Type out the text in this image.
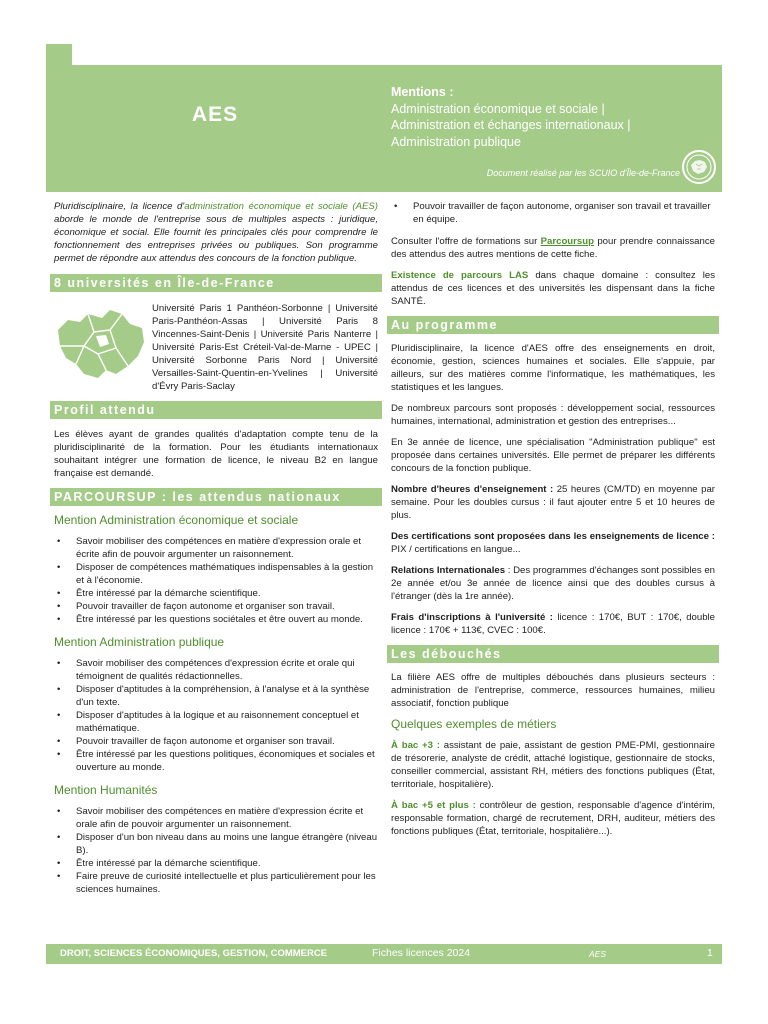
AES
Mentions :
Administration économique et sociale |
Administration et échanges internationaux |
Administration publique
Document réalisé par les SCUIO d'Île-de-France

Pluridisciplinaire, la licence d'administration économique et sociale (AES) aborde le monde de l'entreprise sous de multiples aspects : juridique, économique et social. Elle fournit les principales clés pour comprendre le fonctionnement des entreprises privées ou publiques. Son programme permet de répondre aux attendus des concours de la fonction publique.

8 universités en Île-de-France

Université Paris 1 Panthéon-Sorbonne | Université Paris-Panthéon-Assas | Université Paris 8 Vincennes-Saint-Denis | Université Paris Nanterre | Université Paris-Est Créteil-Val-de-Marne - UPEC | Université Sorbonne Paris Nord | Université Versailles-Saint-Quentin-en-Yvelines | Université d'Évry Paris-Saclay

Profil attendu

Les élèves ayant de grandes qualités d'adaptation compte tenu de la pluridisciplinarité de la formation. Pour les étudiants internationaux souhaitant intégrer une formation de licence, le niveau B2 en langue française est demandé.

PARCOURSUP : les attendus nationaux
Mention Administration économique et sociale
• Savoir mobiliser des compétences en matière d'expression orale et écrite afin de pouvoir argumenter un raisonnement.
• Disposer de compétences mathématiques indispensables à la gestion et à l'économie.
• Être intéressé par la démarche scientifique.
• Pouvoir travailler de façon autonome et organiser son travail.
• Être intéressé par les questions sociétales et être ouvert au monde.
Mention Administration publique
• Savoir mobiliser des compétences d'expression écrite et orale qui témoignent de qualités rédactionnelles.
• Disposer d'aptitudes à la compréhension, à l'analyse et à la synthèse d'un texte.
• Disposer d'aptitudes à la logique et au raisonnement conceptuel et mathématique.
• Pouvoir travailler de façon autonome et organiser son travail.
• Être intéressé par les questions politiques, économiques et sociales et ouverture au monde.
Mention Humanités
• Savoir mobiliser des compétences en matière d'expression écrite et orale afin de pouvoir argumenter un raisonnement.
• Disposer d'un bon niveau dans au moins une langue étrangère (niveau B).
• Être intéressé par la démarche scientifique.
• Faire preuve de curiosité intellectuelle et plus particulièrement pour les sciences humaines.
• Pouvoir travailler de façon autonome, organiser son travail et travailler en équipe.

Consulter l'offre de formations sur Parcoursup pour prendre connaissance des attendus des autres mentions de cette fiche.

Existence de parcours LAS dans chaque domaine : consultez les attendus de ces licences et des universités les dispensant dans la fiche SANTÉ.

Au programme

Pluridisciplinaire, la licence d'AES offre des enseignements en droit, économie, gestion, sciences humaines et sociales. Elle s'appuie, par ailleurs, sur des matières comme l'informatique, les mathématiques, les statistiques et les langues.

De nombreux parcours sont proposés : développement social, ressources humaines, international, administration et gestion des entreprises...

En 3e année de licence, une spécialisation "Administration publique" est proposée dans certaines universités. Elle permet de préparer les différents concours de la fonction publique.

Nombre d'heures d'enseignement : 25 heures (CM/TD) en moyenne par semaine. Pour les doubles cursus : il faut ajouter entre 5 et 10 heures de plus.

Des certifications sont proposées dans les enseignements de licence : PIX / certifications en langue...

Relations Internationales : Des programmes d'échanges sont possibles en 2e année et/ou 3e année de licence ainsi que des doubles cursus à l'étranger (dès la 1re année).

Frais d'inscriptions à l'université : licence : 170€, BUT : 170€, double licence : 170€ + 113€, CVEC : 100€.

Les débouchés

La filière AES offre de multiples débouchés dans plusieurs secteurs : administration de l'entreprise, commerce, ressources humaines, milieu associatif, fonction publique

Quelques exemples de métiers

À bac +3 : assistant de paie, assistant de gestion PME-PMI, gestionnaire de trésorerie, analyste de crédit, attaché logistique, gestionnaire de stocks, conseiller commercial, assistant RH, métiers des fonctions publiques (État, territoriale, hospitalière).

À bac +5 et plus : contrôleur de gestion, responsable d'agence d'intérim, responsable formation, chargé de recrutement, DRH, auditeur, métiers des fonctions publiques (État, territoriale, hospitalière...).

DROIT, SCIENCES ÉCONOMIQUES, GESTION, COMMERCE	Fiches licences 2024	AES	1
